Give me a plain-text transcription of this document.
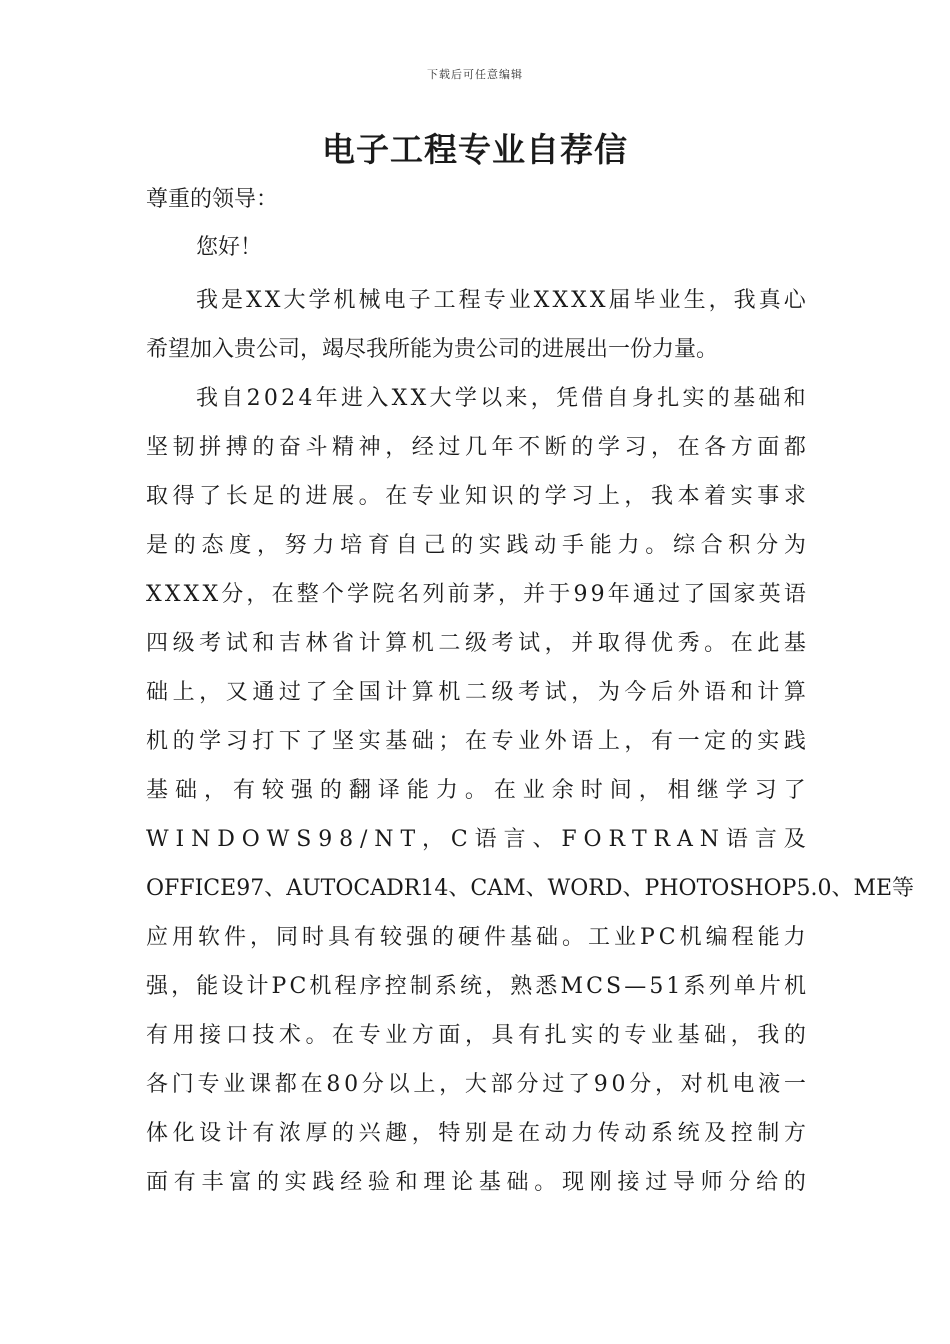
下载后可任意编辑
电子工程专业自荐信
尊重的领导：
您好！
我 是 X X 大 学 机 械 电 子 工 程 专 业 X X X X 届 毕 业 生 ， 我 真 心
希望加入贵公司，竭尽我所能为贵公司的进展出一份力量。
我 自 2 0 2 4 年 进 入 X X 大 学 以 来 ， 凭 借 自 身 扎 实 的 基 础 和
坚 韧 拼 搏 的 奋 斗 精 神 ， 经 过 几 年 不 断 的 学 习 ， 在 各 方 面 都
取 得 了 长 足 的 进 展 。 在 专 业 知 识 的 学 习 上 ， 我 本 着 实 事 求
是 的 态 度 ， 努 力 培 育 自 己 的 实 践 动 手 能 力 。 综 合 积 分 为
X X X X 分 ， 在 整 个 学 院 名 列 前 茅 ， 并 于 9 9 年 通 过 了 国 家 英 语
四 级 考 试 和 吉 林 省 计 算 机 二 级 考 试 ， 并 取 得 优 秀 。 在 此 基
础 上 ， 又 通 过 了 全 国 计 算 机 二 级 考 试 ， 为 今 后 外 语 和 计 算
机 的 学 习 打 下 了 坚 实 基 础 ； 在 专 业 外 语 上 ， 有 一 定 的 实 践
基 础 ， 有 较 强 的 翻 译 能 力 。 在 业 余 时 间 ， 相 继 学 习 了
W I N D O W S 9 8 / N T ， C 语 言 、 F O R T R A N 语 言 及
O F F I C E 9 7 、 A U T O C A D R 1 4 、 C A M 、 W O R D 、 P H O T O S H O P 5 . 0 、 M E 等
应 用 软 件 ， 同 时 具 有 较 强 的 硬 件 基 础 。 工 业 P C 机 编 程 能 力
强 ， 能 设 计 P C 机 程 序 控 制 系 统 ， 熟 悉 M C S — 5 1 系 列 单 片 机
有 用 接 口 技 术 。 在 专 业 方 面 ， 具 有 扎 实 的 专 业 基 础 ， 我 的
各 门 专 业 课 都 在 8 0 分 以 上 ， 大 部 分 过 了 9 0 分 ， 对 机 电 液 一
体 化 设 计 有 浓 厚 的 兴 趣 ， 特 别 是 在 动 力 传 动 系 统 及 控 制 方
面 有 丰 富 的 实 践 经 验 和 理 论 基 础 。 现 刚 接 过 导 师 分 给 的
